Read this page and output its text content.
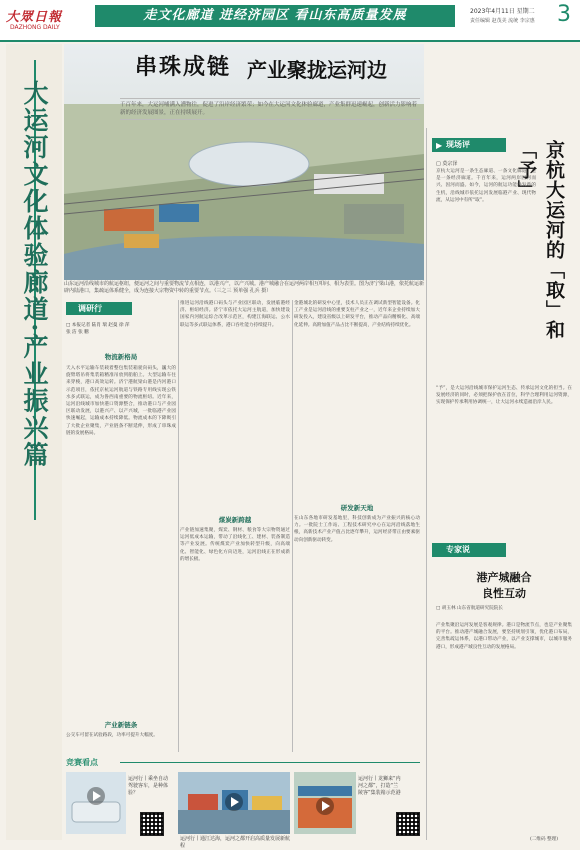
大眾日報
DAZHONG DAILY
走文化廊道 进经济园区 看山东高质量发展	2023年4月11日 星期二
责任编辑 赵茂美 流统 李宗惠	3
大运河文化体验廊道·产业振兴篇
串珠成链 产业聚拢运河边
千百年来，大运河哺满入漕物往，促进了沿岸经济繁荣；如今在大运河文化体验廊道，产业集群迅速崛起，创新活力影响着新的经济发展图景，正在持续展开。
山东运河沿线城市的航运枢纽，便运河之间与重要物流节点相连，以港兴产，以产兴城。港产城融合在运河两岸相互叩问、相为表里。图为济宁梁山港，依托航运新辟内陆港口，集疏运体系健全，成为连接大宗物资中转的重要节点。（三之三 预单强 孔兵 摄）
调研行
□ 本报记者 陆肖 瑞 赵曼 徐 萍
张 洁 张 鹏
物流新格局
天入水平运输车装载着整包集装箱驶向码头，巍大的旋臂塔吊将集装箱精准吊放到船舶上。大型运输车往来穿梭，港口高效运转。济宁港航梁山港是内河港口示范项目，依托京杭运河航道与铁路专用线实现公铁水多式联运，成为鲁西南重要的物流枢纽。近年来，运河沿线城市加快港口资源整合，推动港口与产业园区联动发展，以港兴产、以产兴城，一批临港产业园快速崛起，运输成本持续降低。物流成本的下降吸引了大批企业聚集，产业链条不断延伸，形成了串珠成链的发展格局。
产业新链条
公交车可留在试验路段，功率可提升大幅度。
推进运河沿线港口码头与产业园区联动，发展临港经济、枢纽经济。济宁市依托大运河主航道，加快建设国家内河航运综合改革示范区，构建江海联运、公水联运等多式联运体系，港口吞吐能力持续提升。
煤炭新跨越
产业链加速集聚，煤炭、钢材、粮食等大宗物资通过运河低成本运输，带动了沿线化工、建材、装备制造等产业发展。传统煤炭产业加快转型升级，向高端化、智能化、绿色化方向迈进，运河沿线正在形成新的增长极。
金港城北的研发中心里，技术人员正在调试新型智能设备。化工产业是运河沿线的重要支柱产业之一，近年来企业持续加大研发投入，建设省级以上研发平台，推动产品向精细化、高端化延伸。高附加值产品占比不断提高，产业结构持续优化。
研发新天地
在山东各地市研发基地里，科技创新成为产业振兴的核心动力。一批院士工作站、工程技术研究中心在运河沿线落地生根，高新技术产业产值占比逐年攀升，运河经济带正由要素驱动向创新驱动转变。
现场评
▶
□ 莫宗泽	京杭大运河的「取」和「予」
京杭大运河是一条生态廊道、一条文化廊道，也是一条经济廊道。千百年来，运河两岸因河而兴、因河而盛。如今，运河的航运功能焕发新的生机，沿线城市依托运河发展临港产业、现代物流，从运河中有所“取”。
“予”，是大运河沿线城市保护运河生态、传承运河文化的担当。在发展经济的同时，必须把保护放在首位，科学合理利用运河资源，实现保护传承利用协调统一，让大运河永续造福沿岸人民。
专家说
港产城融合
良性互动
□ 胡玉林 山东省航道研究院院长
产业集聚沿运河发展是客观规律。港口是物流节点，也是产业聚集的平台。推动港产城融合发展，要坚持规划引领，优化港口布局，完善集疏运体系，以港口带动产业，以产业支撑城市，以城市服务港口，形成港产城良性互动的发展格局。
(二维码 整理)
竞赛看点
运河行丨乘坐自动驾驶客车，是种体验？
运河行丨通江达海，运河之都开启高质量发展新航程
运河行丨龙狮来“内河之都”，打造“兰陵客”集装箱示范港
